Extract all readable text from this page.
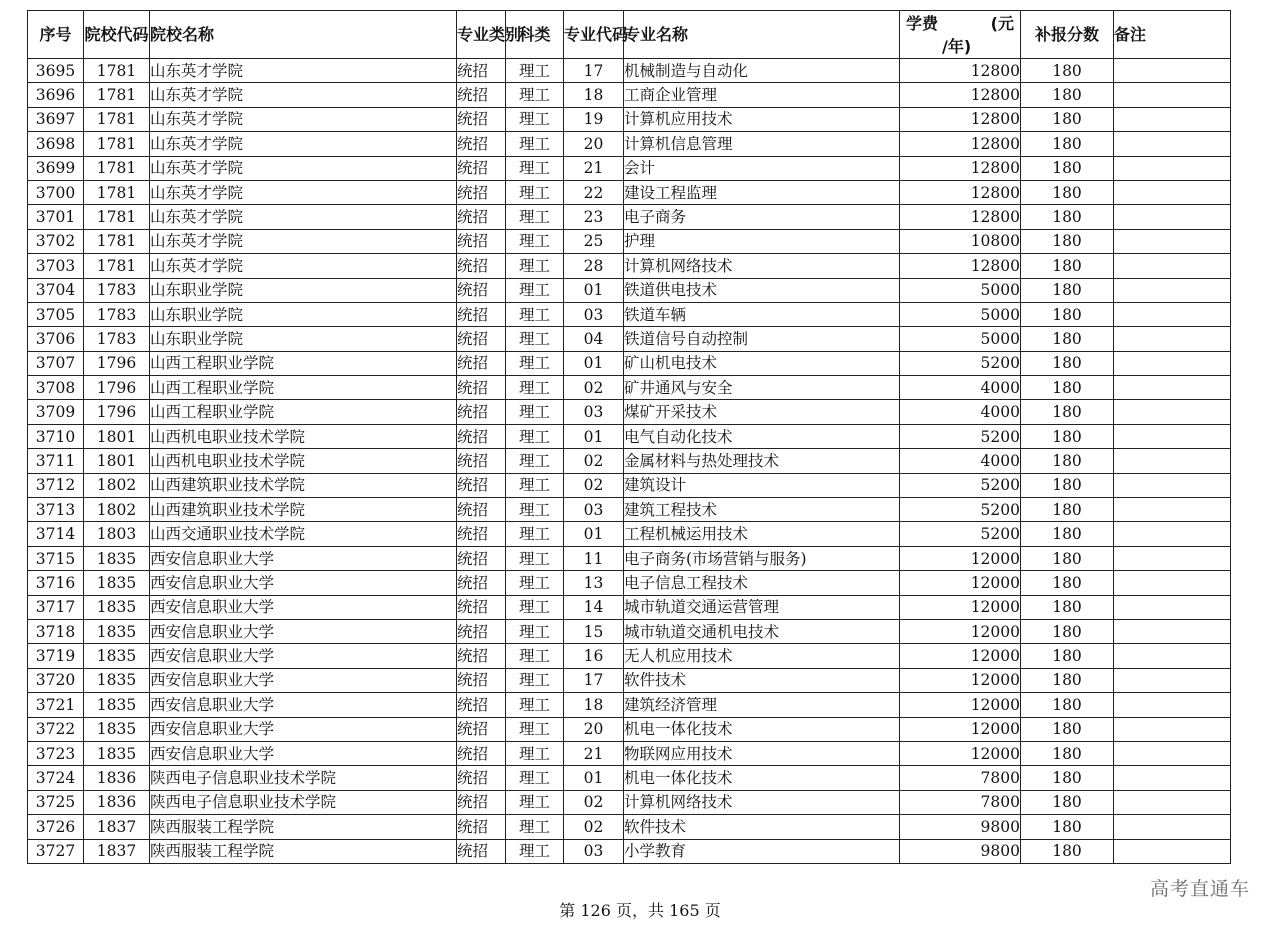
序号	院校代码	院校名称	专业类别	科类	专业代码	专业名称	学费 (元
/年)	补报分数	备注
3695	1781	山东英才学院	统招	理工	17	机械制造与自动化	12800	180	
3696	1781	山东英才学院	统招	理工	18	工商企业管理	12800	180	
3697	1781	山东英才学院	统招	理工	19	计算机应用技术	12800	180	
3698	1781	山东英才学院	统招	理工	20	计算机信息管理	12800	180	
3699	1781	山东英才学院	统招	理工	21	会计	12800	180	
3700	1781	山东英才学院	统招	理工	22	建设工程监理	12800	180	
3701	1781	山东英才学院	统招	理工	23	电子商务	12800	180	
3702	1781	山东英才学院	统招	理工	25	护理	10800	180	
3703	1781	山东英才学院	统招	理工	28	计算机网络技术	12800	180	
3704	1783	山东职业学院	统招	理工	01	铁道供电技术	5000	180	
3705	1783	山东职业学院	统招	理工	03	铁道车辆	5000	180	
3706	1783	山东职业学院	统招	理工	04	铁道信号自动控制	5000	180	
3707	1796	山西工程职业学院	统招	理工	01	矿山机电技术	5200	180	
3708	1796	山西工程职业学院	统招	理工	02	矿井通风与安全	4000	180	
3709	1796	山西工程职业学院	统招	理工	03	煤矿开采技术	4000	180	
3710	1801	山西机电职业技术学院	统招	理工	01	电气自动化技术	5200	180	
3711	1801	山西机电职业技术学院	统招	理工	02	金属材料与热处理技术	4000	180	
3712	1802	山西建筑职业技术学院	统招	理工	02	建筑设计	5200	180	
3713	1802	山西建筑职业技术学院	统招	理工	03	建筑工程技术	5200	180	
3714	1803	山西交通职业技术学院	统招	理工	01	工程机械运用技术	5200	180	
3715	1835	西安信息职业大学	统招	理工	11	电子商务(市场营销与服务)	12000	180	
3716	1835	西安信息职业大学	统招	理工	13	电子信息工程技术	12000	180	
3717	1835	西安信息职业大学	统招	理工	14	城市轨道交通运营管理	12000	180	
3718	1835	西安信息职业大学	统招	理工	15	城市轨道交通机电技术	12000	180	
3719	1835	西安信息职业大学	统招	理工	16	无人机应用技术	12000	180	
3720	1835	西安信息职业大学	统招	理工	17	软件技术	12000	180	
3721	1835	西安信息职业大学	统招	理工	18	建筑经济管理	12000	180	
3722	1835	西安信息职业大学	统招	理工	20	机电一体化技术	12000	180	
3723	1835	西安信息职业大学	统招	理工	21	物联网应用技术	12000	180	
3724	1836	陕西电子信息职业技术学院	统招	理工	01	机电一体化技术	7800	180	
3725	1836	陕西电子信息职业技术学院	统招	理工	02	计算机网络技术	7800	180	
3726	1837	陕西服装工程学院	统招	理工	02	软件技术	9800	180	
3727	1837	陕西服装工程学院	统招	理工	03	小学教育	9800	180	
高考直通车
第 126 页，共 165 页
